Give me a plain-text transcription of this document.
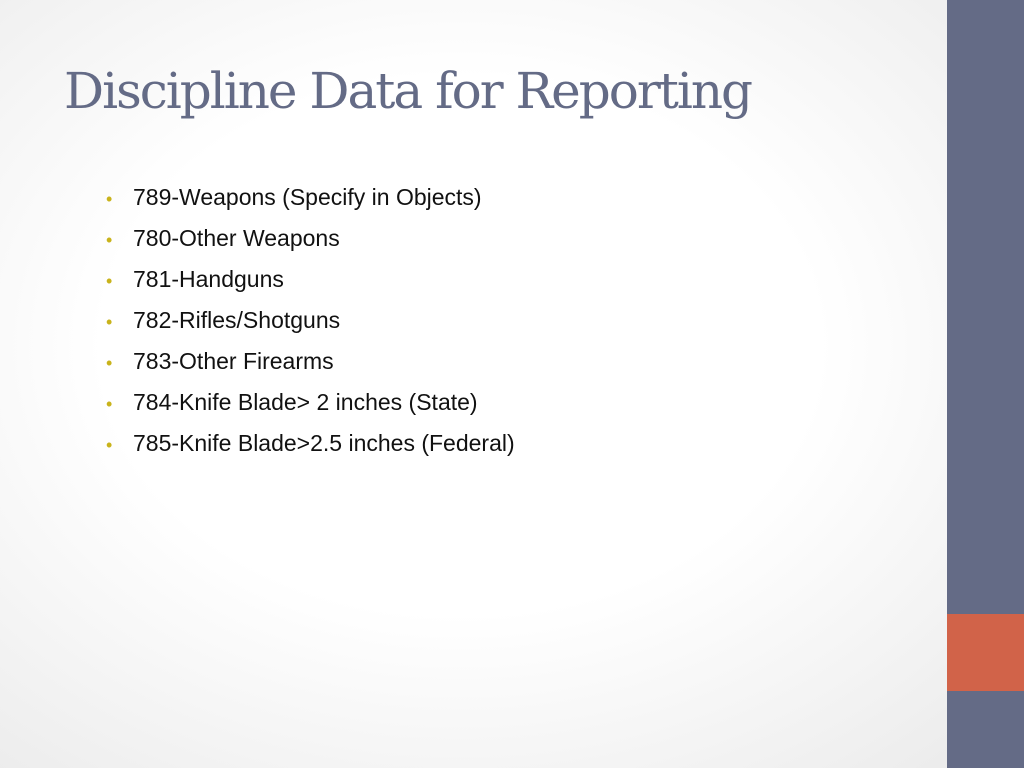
Discipline Data for Reporting
• 789-Weapons (Specify in Objects)
• 780-Other Weapons
• 781-Handguns
• 782-Rifles/Shotguns
• 783-Other Firearms
• 784-Knife Blade> 2 inches (State)
• 785-Knife Blade>2.5 inches (Federal)
